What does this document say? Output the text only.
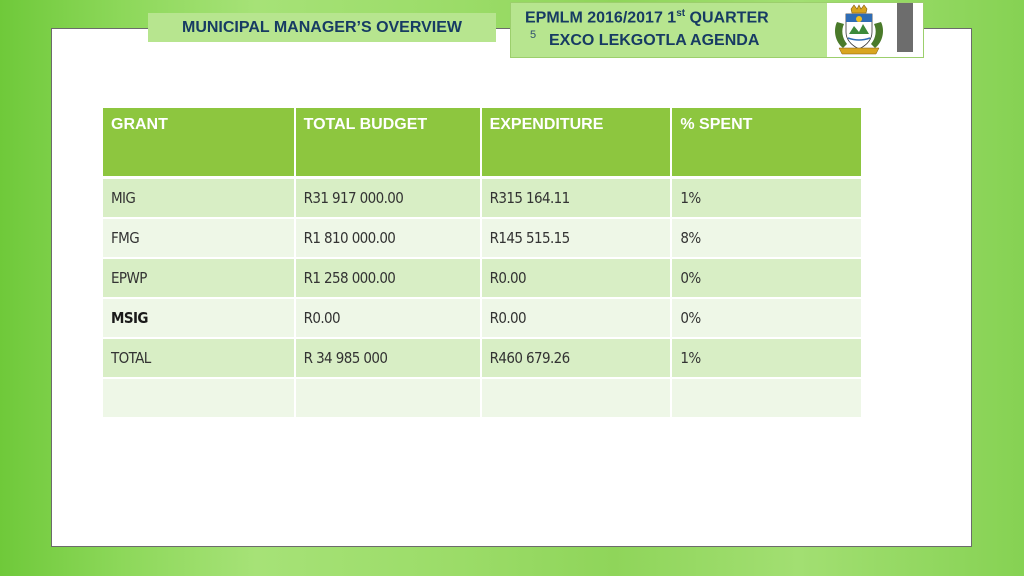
MUNICIPAL MANAGER’S OVERVIEW
EPMLM 2016/2017 1st QUARTER
5 EXCO LEKGOTLA AGENDA
GRANT	TOTAL BUDGET	EXPENDITURE	% SPENT
MIG	R31 917 000.00	R315 164.11	1%
FMG	R1 810 000.00	R145 515.15	8%
EPWP	R1 258 000.00	R0.00	0%
MSIG	R0.00	R0.00	0%
TOTAL	R 34 985 000	R460 679.26	1%
